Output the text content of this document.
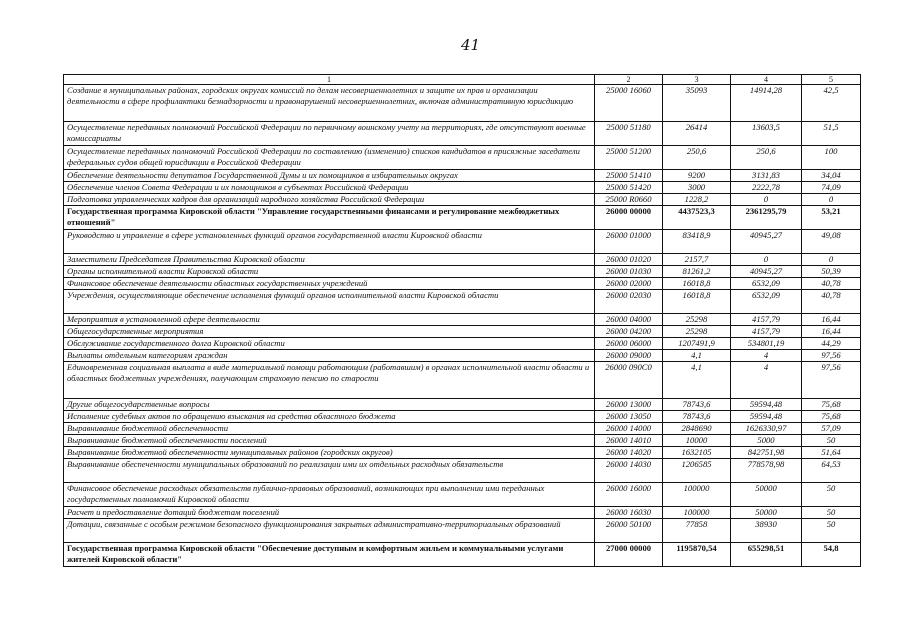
41
1	2	3	4	5
Создание в муниципальных районах, городских округах комиссий по делам несовершеннолетних и защите их прав и организации деятельности в сфере профилактики безнадзорности и правонарушений несовершеннолетних, включая административную юрисдикцию	25000 16060	35093	14914,28	42,5
Осуществление переданных полномочий Российской Федерации по первичному воинскому учету на территориях, где отсутствуют военные комиссариаты	25000 51180	26414	13603,5	51,5
Осуществление переданных полномочий Российской Федерации по составлению (изменению) списков кандидатов в присяжные заседатели федеральных судов общей юрисдикции в Российской Федерации	25000 51200	250,6	250,6	100
Обеспечение деятельности депутатов Государственной Думы и их помощников в избирательных округах	25000 51410	9200	3131,83	34,04
Обеспечение членов Совета Федерации и их помощников в субъектах Российской Федерации	25000 51420	3000	2222,78	74,09
Подготовка управленческих кадров для организаций народного хозяйства Российской Федерации	25000 R0660	1228,2	0	0
Государственная программа Кировской области "Управление государственными финансами и регулирование межбюджетных отношений"	26000 00000	4437523,3	2361295,79	53,21
Руководство и управление в сфере установленных функций органов государственной власти Кировской области	26000 01000	83418,9	40945,27	49,08
Заместители Председателя Правительства Кировской области	26000 01020	2157,7	0	0
Органы исполнительной власти Кировской области	26000 01030	81261,2	40945,27	50,39
Финансовое обеспечение деятельности областных государственных учреждений	26000 02000	16018,8	6532,09	40,78
Учреждения, осуществляющие обеспечение исполнения функций органов исполнительной власти Кировской области	26000 02030	16018,8	6532,09	40,78
Мероприятия в установленной сфере деятельности	26000 04000	25298	4157,79	16,44
Общегосударственные мероприятия	26000 04200	25298	4157,79	16,44
Обслуживание государственного долга Кировской области	26000 06000	1207491,9	534801,19	44,29
Выплаты отдельным категориям граждан	26000 09000	4,1	4	97,56
Единовременная социальная выплата в виде материальной помощи работающим (работавшим) в органах исполнительной власти области и областных бюджетных учреждениях, получающим страховую пенсию по старости	26000 090С0	4,1	4	97,56
Другие общегосударственные вопросы	26000 13000	78743,6	59594,48	75,68
Исполнение судебных актов по обращению взыскания на средства областного бюджета	26000 13050	78743,6	59594,48	75,68
Выравнивание бюджетной обеспеченности	26000 14000	2848690	1626330,97	57,09
Выравнивание бюджетной обеспеченности поселений	26000 14010	10000	5000	50
Выравнивание бюджетной обеспеченности муниципальных районов (городских округов)	26000 14020	1632105	842751,98	51,64
Выравнивание обеспеченности муниципальных образований по реализации ими их отдельных расходных обязательств	26000 14030	1206585	778578,98	64,53
Финансовое обеспечение расходных обязательств публично-правовых образований, возникающих при выполнении ими переданных государственных полномочий Кировской области	26000 16000	100000	50000	50
Расчет и предоставление дотаций бюджетам поселений	26000 16030	100000	50000	50
Дотации, связанные с особым режимом безопасного функционирования закрытых административно-территориальных образований	26000 50100	77858	38930	50
Государственная программа Кировской области "Обеспечение доступным и комфортным жильем и коммунальными услугами жителей Кировской области"	27000 00000	1195870,54	655298,51	54,8
